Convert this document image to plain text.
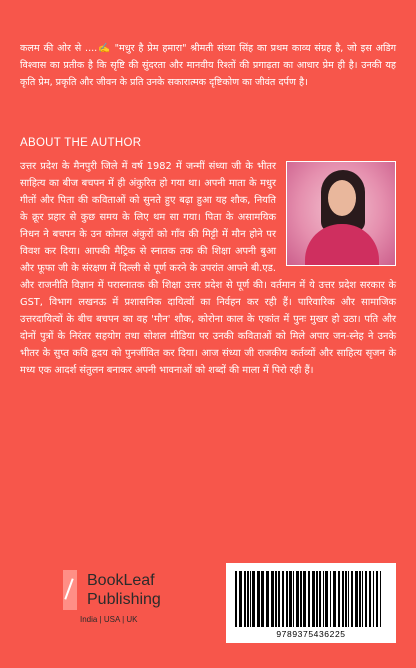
कलम की ओर से ....✍️ "मधुर है प्रेम हमारा" श्रीमती संध्या सिंह का प्रथम काव्य संग्रह है, जो इस अडिग विश्वास का प्रतीक है कि सृष्टि की सुंदरता और मानवीय रिश्तों की प्रगाढ़ता का आधार प्रेम ही है। उनकी यह कृति प्रेम, प्रकृति और जीवन के प्रति उनके सकारात्मक दृष्टिकोण का जीवंत दर्पण है।
ABOUT THE AUTHOR
उत्तर प्रदेश के मैनपुरी जिले में वर्ष 1982 में जन्मीं संध्या जी के भीतर साहित्य का बीज बचपन में ही अंकुरित हो गया था। अपनी माता के मधुर गीतों और पिता की कविताओं को सुनते हुए बढ़ा हुआ यह शौक, नियति के क्रूर प्रहार से कुछ समय के लिए थम सा गया। पिता के असामयिक निधन ने बचपन के उन कोमल अंकुरों को गाँव की मिट्टी में मौन होने पर विवश कर दिया। आपकी मैट्रिक से स्नातक तक की शिक्षा अपनी बुआ और फूफा जी के संरक्षण में दिल्ली से पूर्ण करने के उपरांत आपने बी.एड. और राजनीति विज्ञान में परास्नातक की शिक्षा उत्तर प्रदेश से पूर्ण की। वर्तमान में ये उत्तर प्रदेश सरकार के GST, विभाग लखनऊ में प्रशासनिक दायित्वों का निर्वहन कर रही हैं। पारिवारिक और सामाजिक उत्तरदायित्वों के बीच बचपन का वह 'मौन' शौक, कोरोना काल के एकांत में पुनः मुखर हो उठा। पति और दोनों पुत्रों के निरंतर सहयोग तथा सोशल मीडिया पर उनकी कविताओं को मिले अपार जन-स्नेह ने उनके भीतर के सुप्त कवि हृदय को पुनर्जीवित कर दिया। आज संध्या जी राजकीय कर्तव्यों और साहित्य सृजन के मध्य एक आदर्श संतुलन बनाकर अपनी भावनाओं को शब्दों की माला में पिरो रही हैं।
BookLeaf
Publishing
India | USA | UK
9789375436225
